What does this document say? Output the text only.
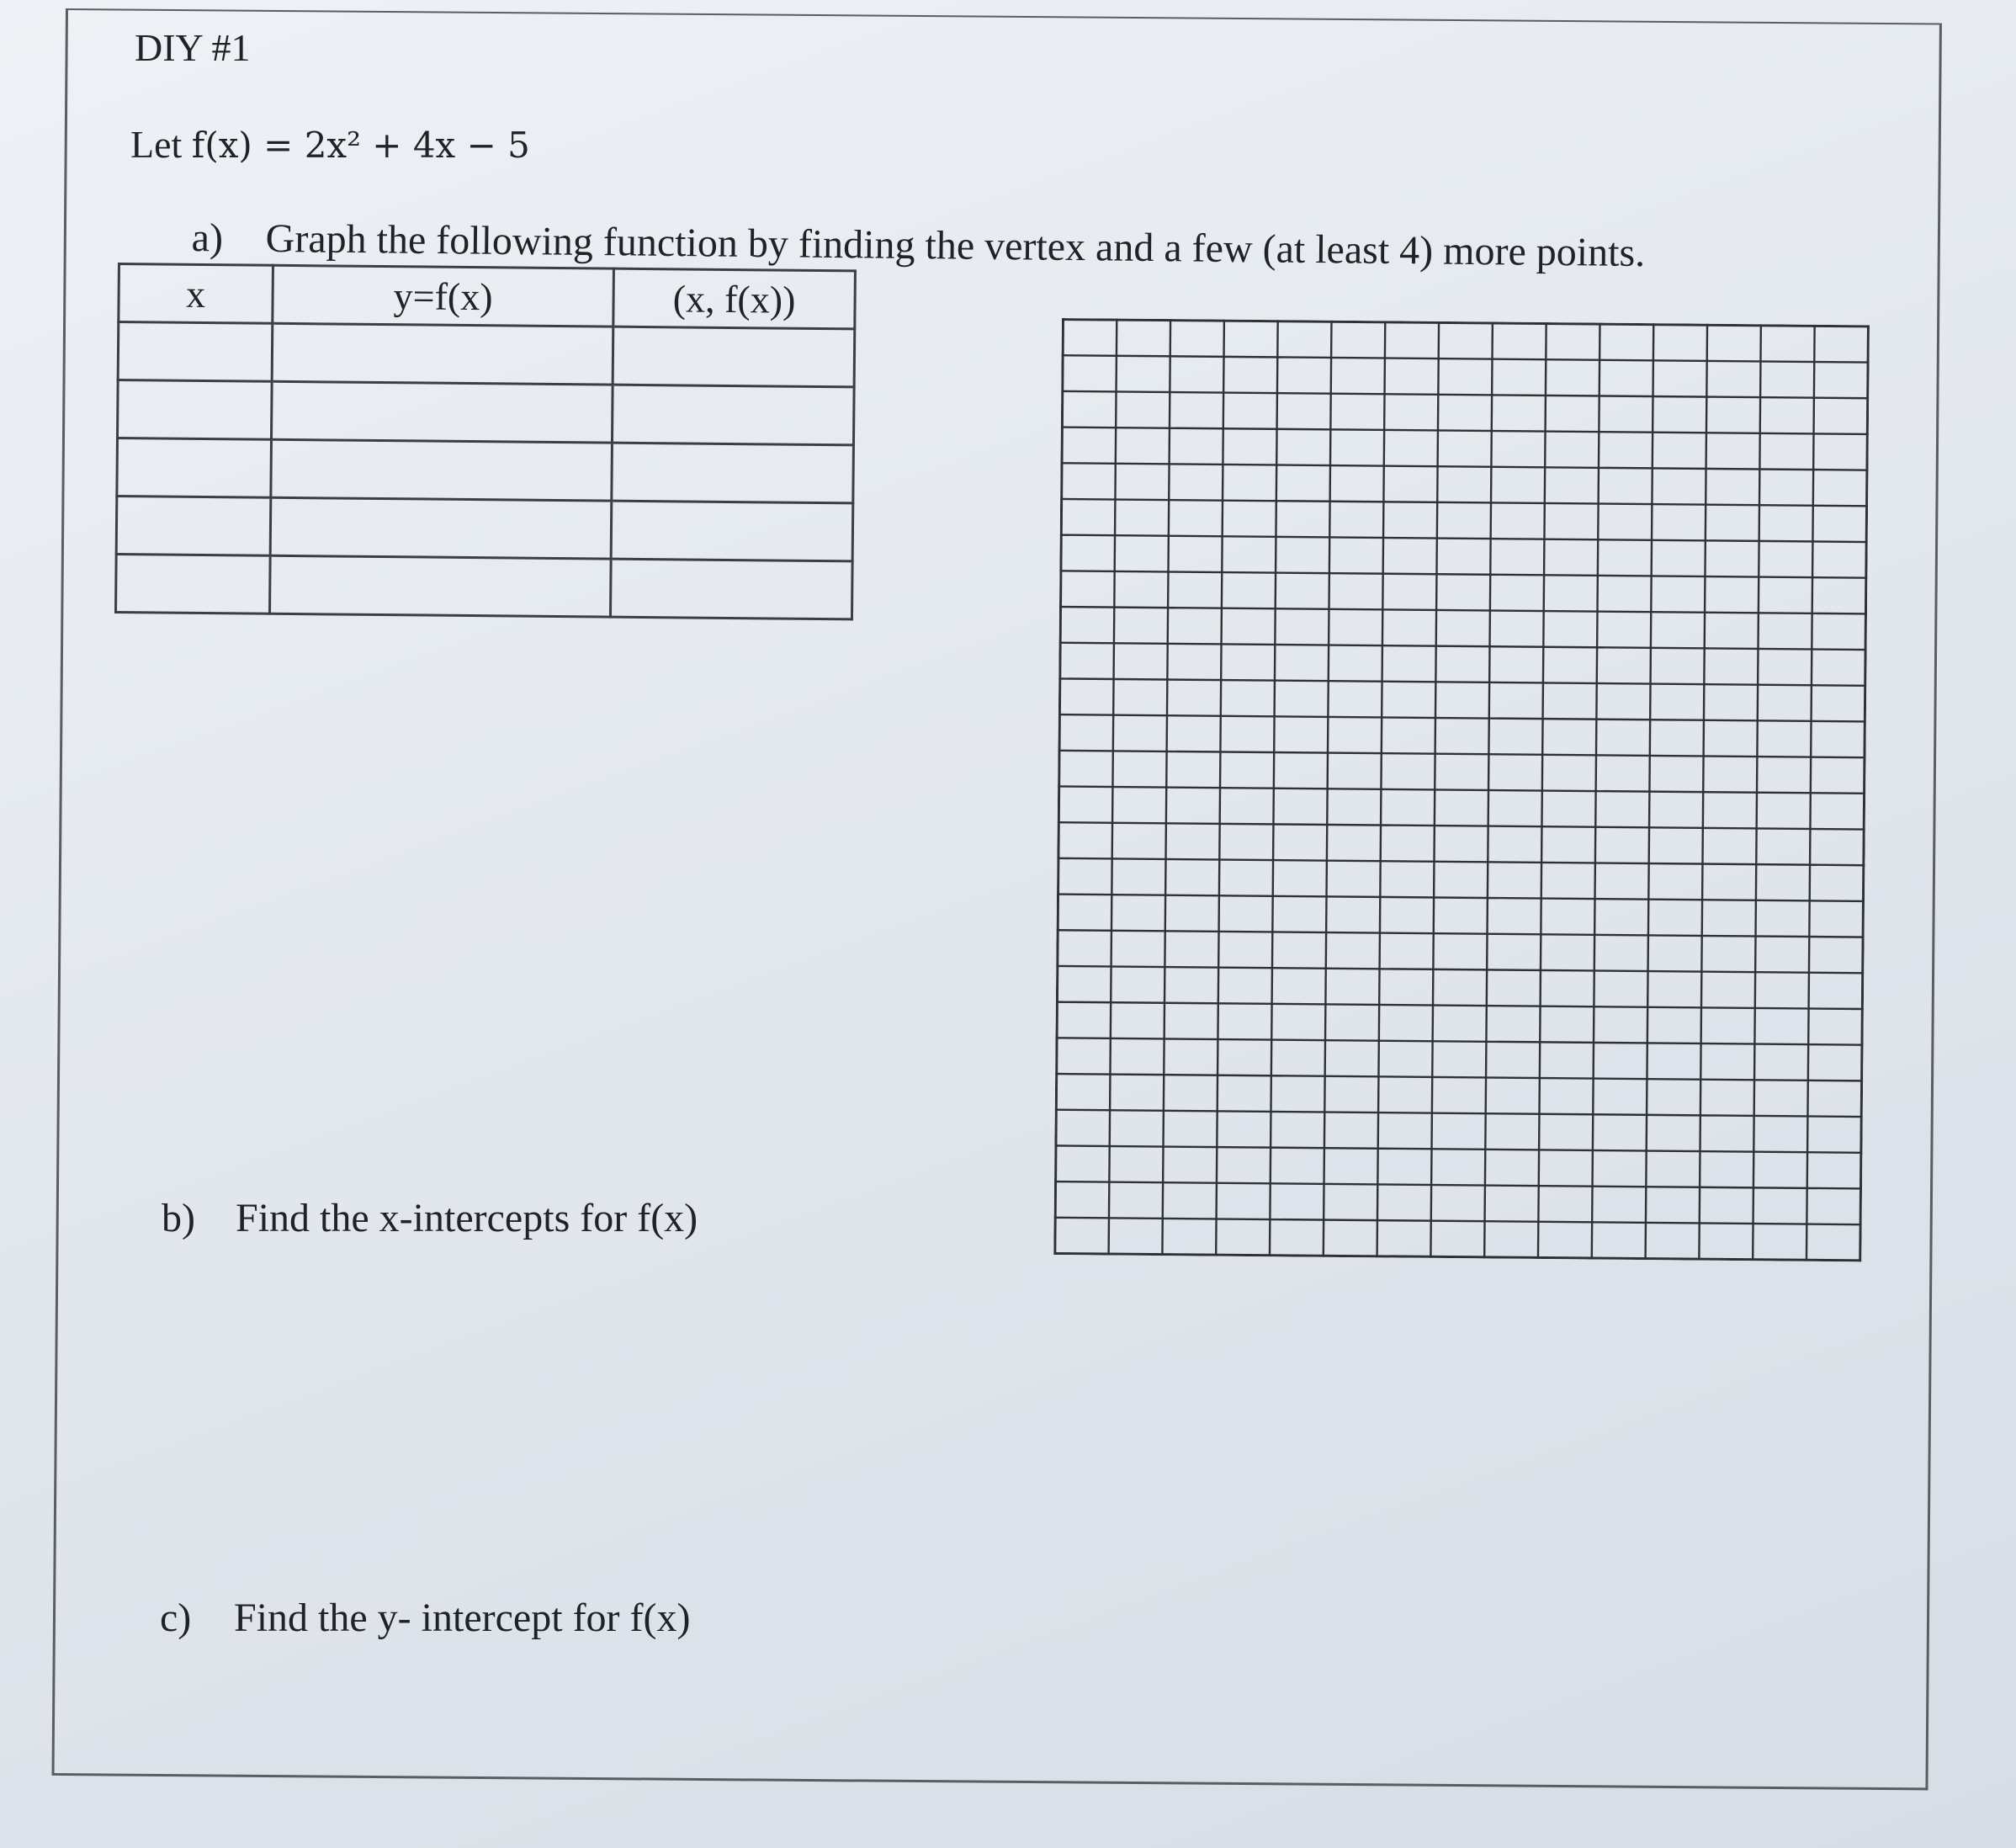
DIY #1
Let f(x) = 2x² + 4x − 5
a) Graph the following function by finding the vertex and a few (at least 4) more points.
x	y=f(x)	(x, f(x))

b) Find the x-intercepts for f(x)
c) Find the y- intercept for f(x)
